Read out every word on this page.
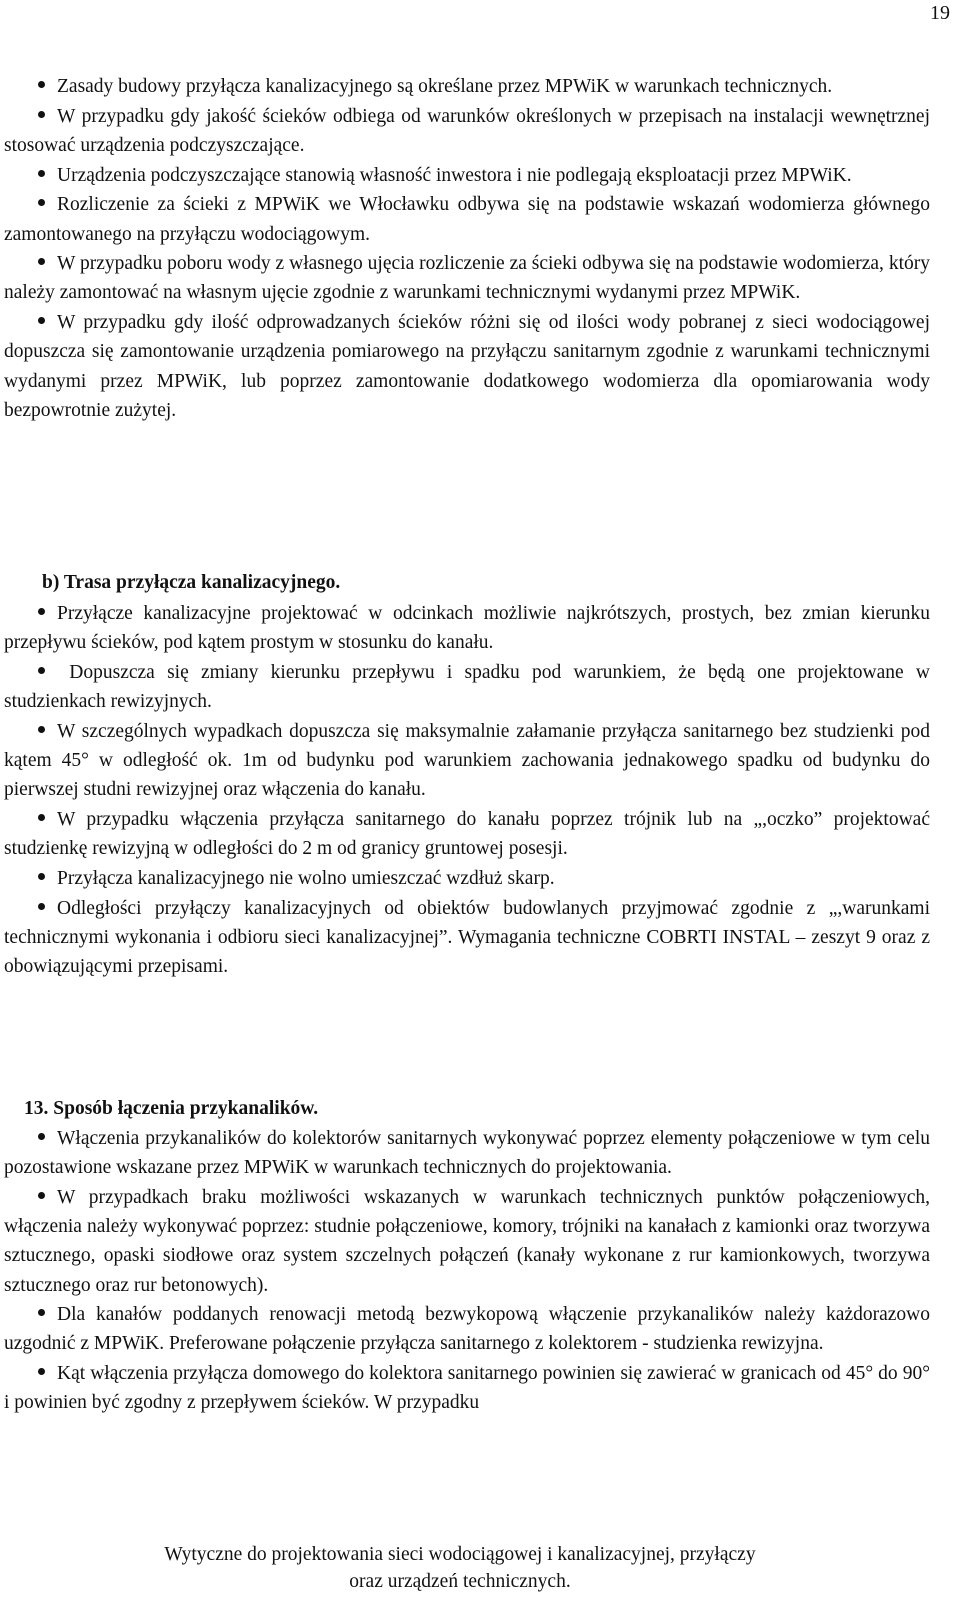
19

Zasady budowy przyłącza kanalizacyjnego są określane przez MPWiK w warunkach technicznych.

W przypadku gdy jakość ścieków odbiega od warunków określonych w przepisach na instalacji wewnętrznej stosować urządzenia podczyszczające.

Urządzenia podczyszczające stanowią własność inwestora i nie podlegają eksploatacji przez MPWiK.

Rozliczenie za ścieki z MPWiK we Włocławku odbywa się na podstawie wskazań wodomierza głównego zamontowanego na przyłączu wodociągowym.

W przypadku poboru wody z własnego ujęcia rozliczenie za ścieki odbywa się na podstawie wodomierza, który należy zamontować na własnym ujęcie zgodnie z warunkami technicznymi wydanymi przez MPWiK.

W przypadku gdy ilość odprowadzanych ścieków różni się od ilości wody pobranej z sieci wodociągowej dopuszcza się zamontowanie urządzenia pomiarowego na przyłączu sanitarnym zgodnie z warunkami technicznymi wydanymi przez MPWiK, lub poprzez zamontowanie dodatkowego wodomierza dla opomiarowania wody bezpowrotnie zużytej.

b) Trasa przyłącza kanalizacyjnego.

Przyłącze kanalizacyjne projektować w odcinkach możliwie najkrótszych, prostych, bez zmian kierunku przepływu ścieków, pod kątem prostym w stosunku do kanału.

Dopuszcza się zmiany kierunku przepływu i spadku pod warunkiem, że będą one projektowane w studzienkach rewizyjnych.

W szczególnych wypadkach dopuszcza się maksymalnie załamanie przyłącza sanitarnego bez studzienki pod kątem 45° w odległość ok. 1m od budynku pod warunkiem zachowania jednakowego spadku od budynku do pierwszej studni rewizyjnej oraz włączenia do kanału.

W przypadku włączenia przyłącza sanitarnego do kanału poprzez trójnik lub na „,oczko” projektować studzienkę rewizyjną w odległości do 2 m od granicy gruntowej posesji.

Przyłącza kanalizacyjnego nie wolno umieszczać wzdłuż skarp.

Odległości przyłączy kanalizacyjnych od obiektów budowlanych przyjmować zgodnie z „,warunkami technicznymi wykonania i odbioru sieci kanalizacyjnej”. Wymagania techniczne COBRTI INSTAL – zeszyt 9 oraz z obowiązującymi przepisami.

13. Sposób łączenia przykanalików.

Włączenia przykanalików do kolektorów sanitarnych wykonywać poprzez elementy połączeniowe w tym celu pozostawione wskazane przez MPWiK w warunkach technicznych do projektowania.

W przypadkach braku możliwości wskazanych w warunkach technicznych punktów połączeniowych, włączenia należy wykonywać poprzez: studnie połączeniowe, komory, trójniki na kanałach z kamionki oraz tworzywa sztucznego, opaski siodłowe oraz system szczelnych połączeń (kanały wykonane z rur kamionkowych, tworzywa sztucznego oraz rur betonowych).

Dla kanałów poddanych renowacji metodą bezwykopową włączenie przykanalików należy każdorazowo uzgodnić z MPWiK. Preferowane połączenie przyłącza sanitarnego z kolektorem - studzienka rewizyjna.

Kąt włączenia przyłącza domowego do kolektora sanitarnego powinien się zawierać w granicach od 45° do 90° i powinien być zgodny z przepływem ścieków. W przypadku

Wytyczne do projektowania sieci wodociągowej i kanalizacyjnej, przyłączy
oraz urządzeń technicznych.
